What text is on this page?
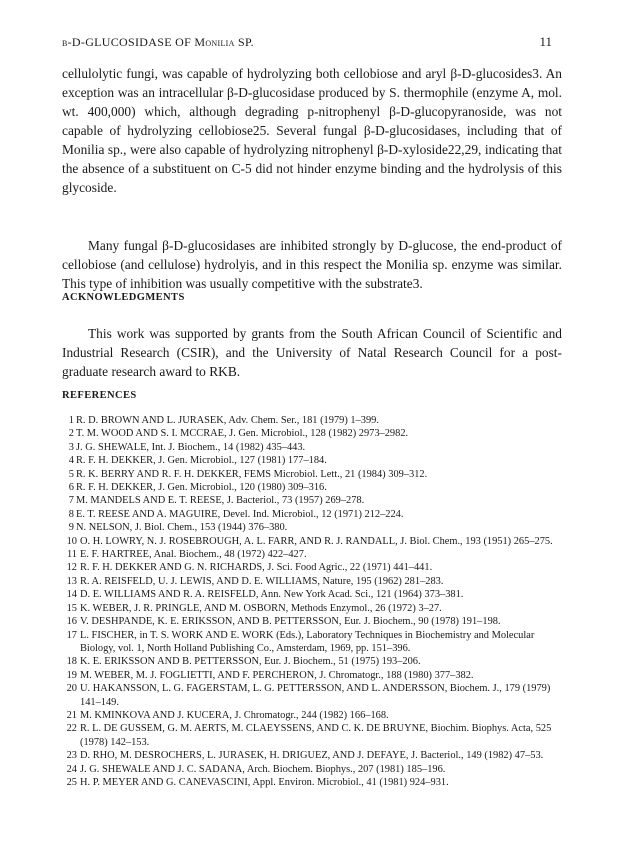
β-D-GLUCOSIDASE OF Monilia SP.	11

cellulolytic fungi, was capable of hydrolyzing both cellobiose and aryl β-D-glucosides3. An exception was an intracellular β-D-glucosidase produced by S. thermophile (enzyme A, mol. wt. 400,000) which, although degrading p-nitrophenyl β-D-glucopyranoside, was not capable of hydrolyzing cellobiose25. Several fungal β-D-glucosidases, including that of Monilia sp., were also capable of hydrolyzing nitrophenyl β-D-xyloside22,29, indicating that the absence of a substituent on C-5 did not hinder enzyme binding and the hydrolysis of this glycoside.

Many fungal β-D-glucosidases are inhibited strongly by D-glucose, the end-product of cellobiose (and cellulose) hydrolyis, and in this respect the Monilia sp. enzyme was similar. This type of inhibition was usually competitive with the substrate3.

ACKNOWLEDGMENTS

This work was supported by grants from the South African Council of Scientific and Industrial Research (CSIR), and the University of Natal Research Council for a post-graduate research award to RKB.

REFERENCES
1 R. D. BROWN AND L. JURASEK, Adv. Chem. Ser., 181 (1979) 1–399.
2 T. M. WOOD AND S. I. MCCRAE, J. Gen. Microbiol., 128 (1982) 2973–2982.
3 J. G. SHEWALE, Int. J. Biochem., 14 (1982) 435–443.
4 R. F. H. DEKKER, J. Gen. Microbiol., 127 (1981) 177–184.
5 R. K. BERRY AND R. F. H. DEKKER, FEMS Microbiol. Lett., 21 (1984) 309–312.
6 R. F. H. DEKKER, J. Gen. Microbiol., 120 (1980) 309–316.
7 M. MANDELS AND E. T. REESE, J. Bacteriol., 73 (1957) 269–278.
8 E. T. REESE AND A. MAGUIRE, Devel. Ind. Microbiol., 12 (1971) 212–224.
9 N. NELSON, J. Biol. Chem., 153 (1944) 376–380.
10 O. H. LOWRY, N. J. ROSEBROUGH, A. L. FARR, AND R. J. RANDALL, J. Biol. Chem., 193 (1951) 265–275.
11 E. F. HARTREE, Anal. Biochem., 48 (1972) 422–427.
12 R. F. H. DEKKER AND G. N. RICHARDS, J. Sci. Food Agric., 22 (1971) 441–441.
13 R. A. REISFELD, U. J. LEWIS, AND D. E. WILLIAMS, Nature, 195 (1962) 281–283.
14 D. E. WILLIAMS AND R. A. REISFELD, Ann. New York Acad. Sci., 121 (1964) 373–381.
15 K. WEBER, J. R. PRINGLE, AND M. OSBORN, Methods Enzymol., 26 (1972) 3–27.
16 V. DESHPANDE, K. E. ERIKSSON, AND B. PETTERSSON, Eur. J. Biochem., 90 (1978) 191–198.
17 L. FISCHER, in T. S. WORK AND E. WORK (Eds.), Laboratory Techniques in Biochemistry and Molecular Biology, vol. 1, North Holland Publishing Co., Amsterdam, 1969, pp. 151–396.
18 K. E. ERIKSSON AND B. PETTERSSON, Eur. J. Biochem., 51 (1975) 193–206.
19 M. WEBER, M. J. FOGLIETTI, AND F. PERCHERON, J. Chromatogr., 188 (1980) 377–382.
20 U. HAKANSSON, L. G. FAGERSTAM, L. G. PETTERSSON, AND L. ANDERSSON, Biochem. J., 179 (1979) 141–149.
21 M. KMINKOVA AND J. KUCERA, J. Chromatogr., 244 (1982) 166–168.
22 R. L. DE GUSSEM, G. M. AERTS, M. CLAEYSSENS, AND C. K. DE BRUYNE, Biochim. Biophys. Acta, 525 (1978) 142–153.
23 D. RHO, M. DESROCHERS, L. JURASEK, H. DRIGUEZ, AND J. DEFAYE, J. Bacteriol., 149 (1982) 47–53.
24 J. G. SHEWALE AND J. C. SADANA, Arch. Biochem. Biophys., 207 (1981) 185–196.
25 H. P. MEYER AND G. CANEVASCINI, Appl. Environ. Microbiol., 41 (1981) 924–931.
